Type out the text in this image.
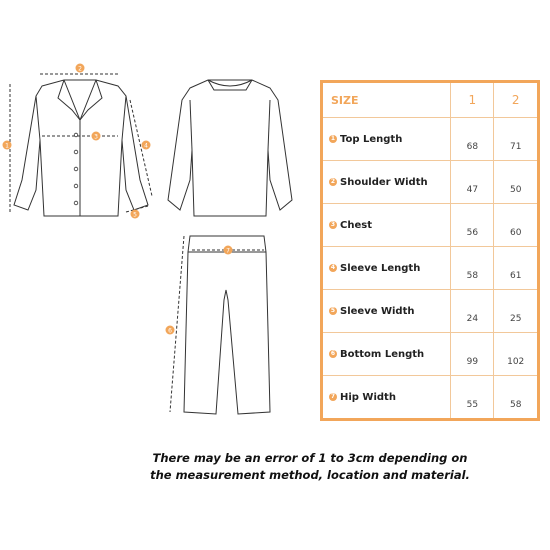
2
1
3
4
5
7
6
SIZE	1	2
1 Top Length	68	71
2 Shoulder Width	47	50
3 Chest	56	60
4 Sleeve Length	58	61
5 Sleeve Width	24	25
6 Bottom Length	99	102
7 Hip Width	55	58
There may be an error of 1 to 3cm depending on
the measurement method, location and material.
